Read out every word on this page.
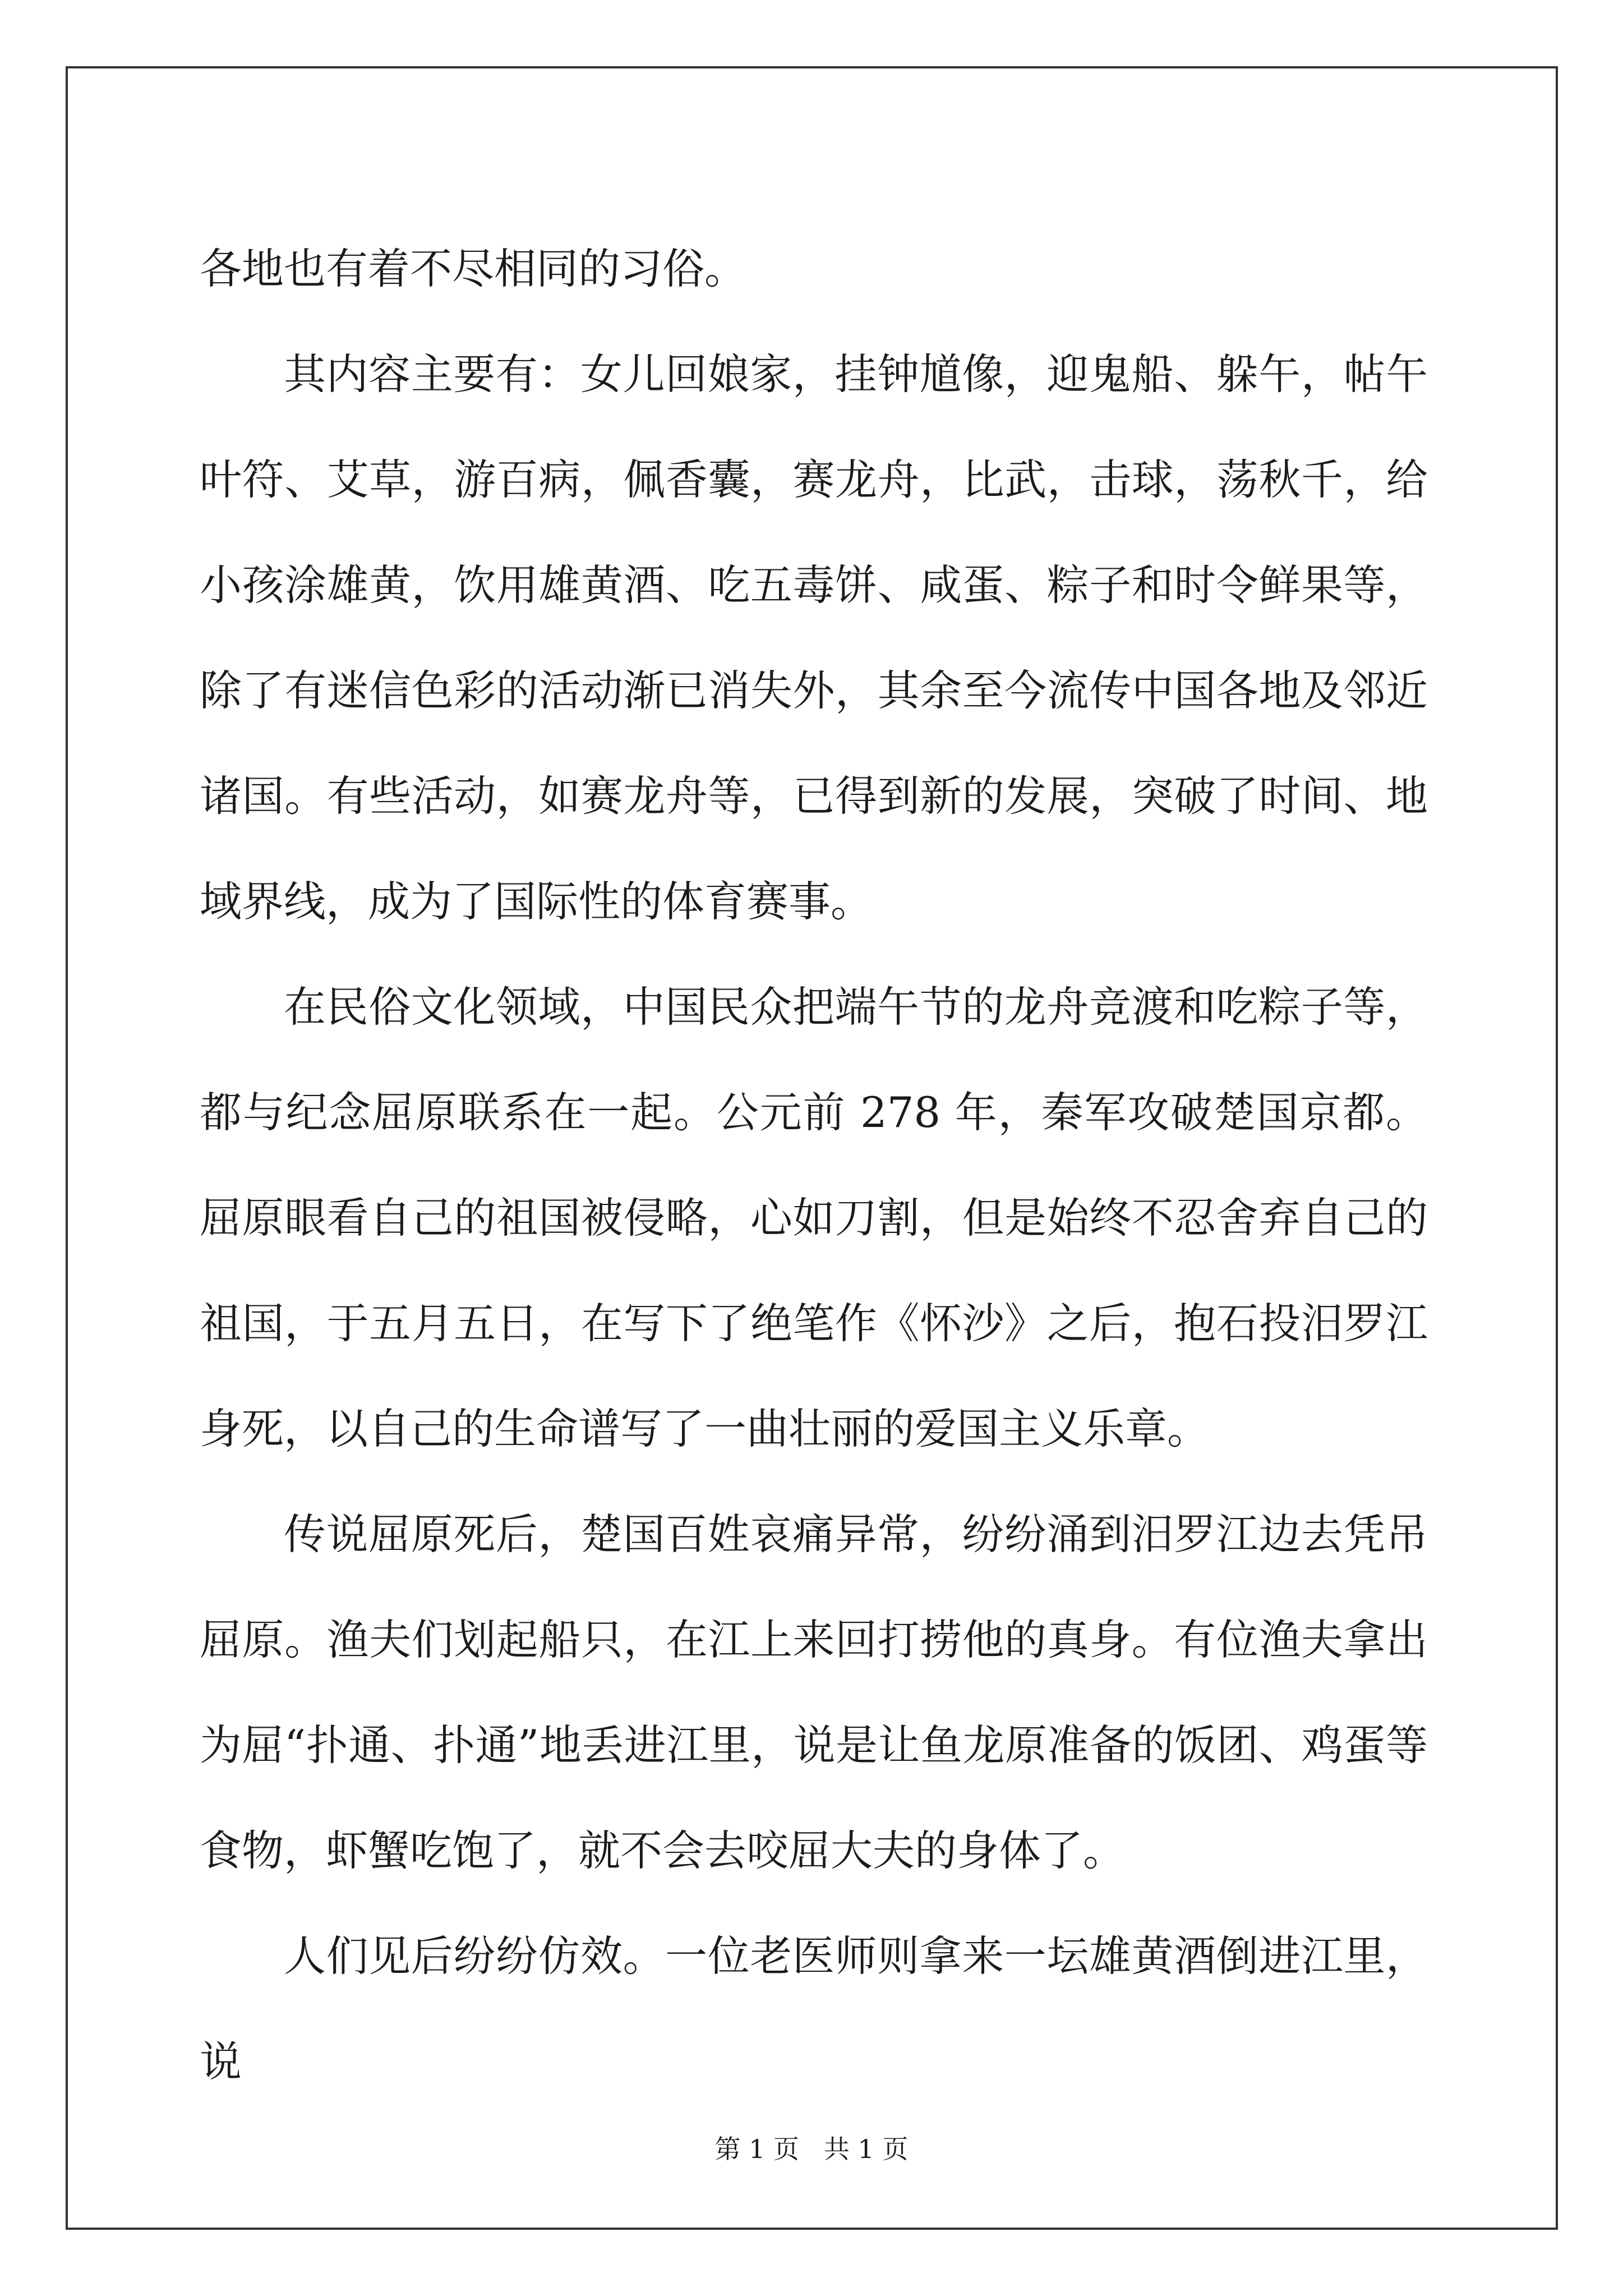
各地也有着不尽相同的习俗。

其内容主要有：女儿回娘家，挂钟馗像，迎鬼船、躲午，帖午叶符、艾草，游百病，佩香囊，赛龙舟，比武，击球，荡秋千，给小孩涂雄黄，饮用雄黄酒、吃五毒饼、咸蛋、粽子和时令鲜果等，除了有迷信色彩的活动渐已消失外，其余至今流传中国各地及邻近诸国。有些活动，如赛龙舟等，已得到新的发展，突破了时间、地域界线，成为了国际性的体育赛事。

在民俗文化领域，中国民众把端午节的龙舟竞渡和吃粽子等，都与纪念屈原联系在一起。公元前 278 年，秦军攻破楚国京都。屈原眼看自己的祖国被侵略，心如刀割，但是始终不忍舍弃自己的祖国，于五月五日，在写下了绝笔作《怀沙》之后，抱石投汨罗江身死，以自己的生命谱写了一曲壮丽的爱国主义乐章。

传说屈原死后，楚国百姓哀痛异常，纷纷涌到汨罗江边去凭吊屈原。渔夫们划起船只，在江上来回打捞他的真身。有位渔夫拿出为屈“扑通、扑通”地丢进江里，说是让鱼龙原准备的饭团、鸡蛋等食物，虾蟹吃饱了，就不会去咬屈大夫的身体了。

人们见后纷纷仿效。一位老医师则拿来一坛雄黄酒倒进江里，说

第 1 页   共 1 页
